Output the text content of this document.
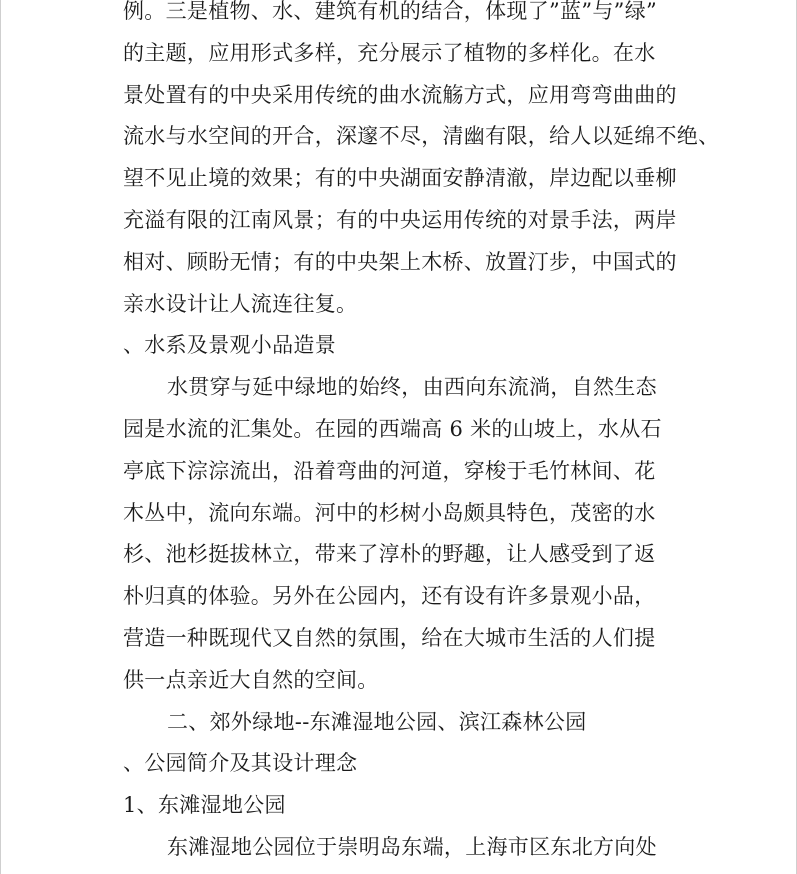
例。三是植物、水、建筑有机的结合，体现了”蓝”与”绿”
的主题，应用形式多样，充分展示了植物的多样化。在水
景处置有的中央采用传统的曲水流觞方式，应用弯弯曲曲的
流水与水空间的开合，深邃不尽，清幽有限，给人以延绵不绝、
望不见止境的效果；有的中央湖面安静清澈，岸边配以垂柳
充溢有限的江南风景；有的中央运用传统的对景手法，两岸
相对、顾盼无情；有的中央架上木桥、放置汀步，中国式的
亲水设计让人流连往复。
、水系及景观小品造景
水贯穿与延中绿地的始终，由西向东流淌，自然生态
园是水流的汇集处。在园的西端高 6 米的山坡上，水从石
亭底下淙淙流出，沿着弯曲的河道，穿梭于毛竹林间、花
木丛中，流向东端。河中的杉树小岛颇具特色，茂密的水
杉、池杉挺拔林立，带来了淳朴的野趣，让人感受到了返
朴归真的体验。另外在公园内，还有设有许多景观小品，
营造一种既现代又自然的氛围，给在大城市生活的人们提
供一点亲近大自然的空间。
二、郊外绿地--东滩湿地公园、滨江森林公园
、公园简介及其设计理念
1、东滩湿地公园
东滩湿地公园位于崇明岛东端，上海市区东北方向处
